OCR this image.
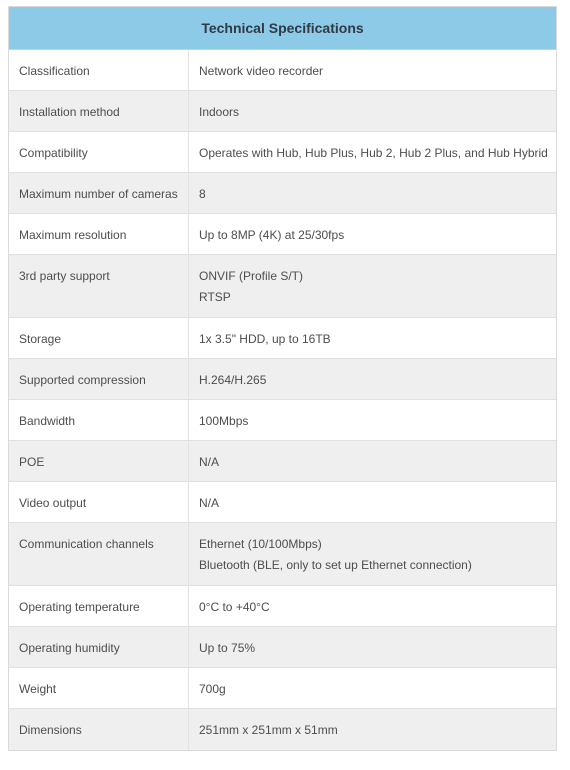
Technical Specifications
Classification	Network video recorder
Installation method	Indoors
Compatibility	Operates with Hub, Hub Plus, Hub 2, Hub 2 Plus, and Hub Hybrid
Maximum number of cameras	8
Maximum resolution	Up to 8MP (4K) at 25/30fps
3rd party support	ONVIF (Profile S/T)
RTSP
Storage	1x 3.5" HDD, up to 16TB
Supported compression	H.264/H.265
Bandwidth	100Mbps
POE	N/A
Video output	N/A
Communication channels	Ethernet (10/100Mbps)
Bluetooth (BLE, only to set up Ethernet connection)
Operating temperature	0°C to +40°C
Operating humidity	Up to 75%
Weight	700g
Dimensions	251mm x 251mm x 51mm
